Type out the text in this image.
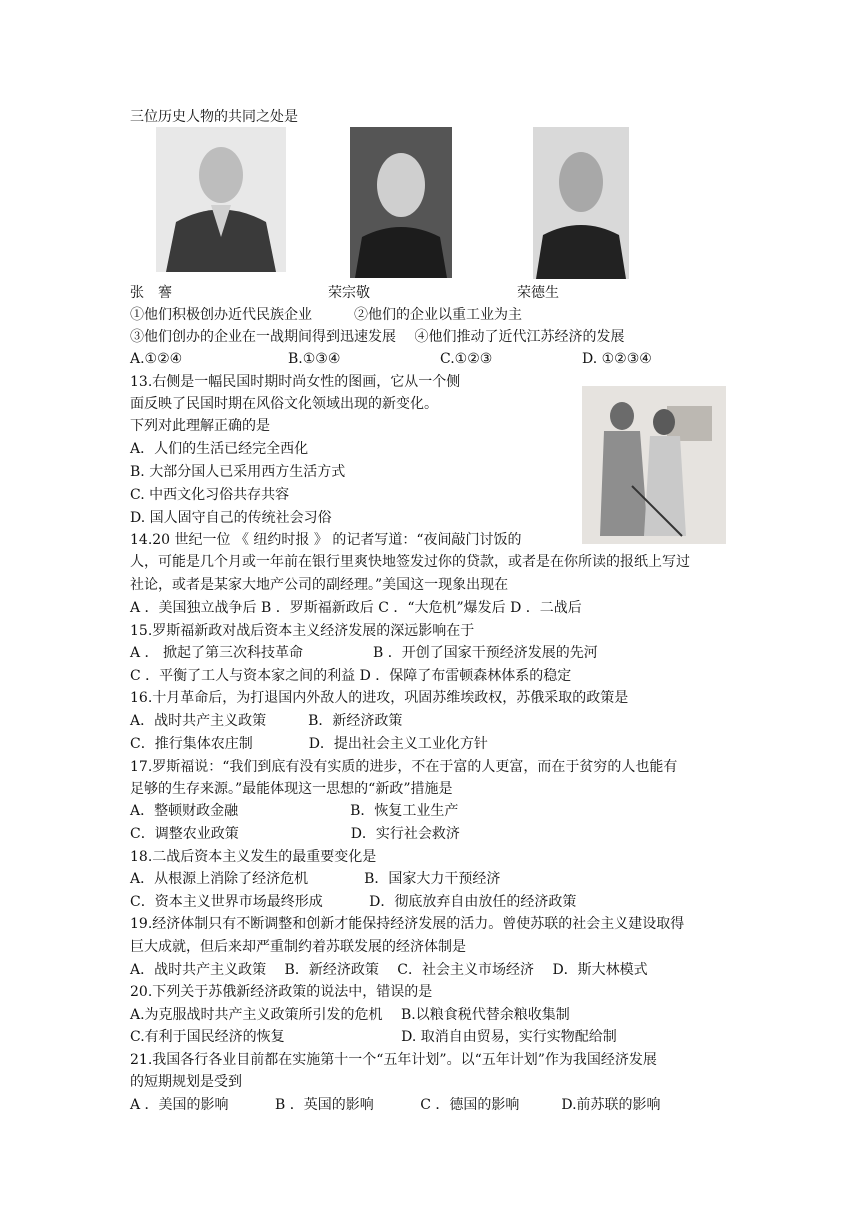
三位历史人物的共同之处是
张　謇	荣宗敬	荣德生
①他们积极创办近代民族企业　　　②他们的企业以重工业为主
③他们创办的企业在一战期间得到迅速发展　 ④他们推动了近代江苏经济的发展
A.①②④	B.①③④	C.①②③	D. ①②③④
13.右侧是一幅民国时期时尚女性的图画，它从一个侧
面反映了民国时期在风俗文化领域出现的新变化。
下列对此理解正确的是
A．人们的生活已经完全西化
B. 大部分国人已采用西方生活方式
C. 中西文化习俗共存共容
D. 国人固守自己的传统社会习俗
14.20 世纪一位 《 纽约时报 》 的记者写道：“夜间敲门讨饭的
人，可能是几个月或一年前在银行里爽快地签发过你的贷款，或者是在你所读的报纸上写过
社论，或者是某家大地产公司的副经理。”美国这一现象出现在
A ．美国独立战争后 B ．罗斯福新政后 C ．“大危机”爆发后 D ．二战后
15.罗斯福新政对战后资本主义经济发展的深远影响在于
A ． 掀起了第三次科技革命　　　　　B ．开创了国家干预经济发展的先河
C ．平衡了工人与资本家之间的利益 D ．保障了布雷顿森林体系的稳定
16.十月革命后，为打退国内外敌人的进攻，巩固苏维埃政权，苏俄采取的政策是
A．战时共产主义政策　　　B．新经济政策
C．推行集体农庄制　　　　D．提出社会主义工业化方针
17.罗斯福说：“我们到底有没有实质的进步，不在于富的人更富，而在于贫穷的人也能有
足够的生存来源。”最能体现这一思想的“新政”措施是
A．整顿财政金融　　　　　　　　B．恢复工业生产
C．调整农业政策　　　　　　　　D．实行社会救济
18.二战后资本主义发生的最重要变化是
A．从根源上消除了经济危机　　　　B．国家大力干预经济
C．资本主义世界市场最终形成　　　 D．彻底放弃自由放任的经济政策
19.经济体制只有不断调整和创新才能保持经济发展的活力。曾使苏联的社会主义建设取得
巨大成就，但后来却严重制约着苏联发展的经济体制是
A．战时共产主义政策　 B．新经济政策　 C．社会主义市场经济　 D．斯大林模式
20.下列关于苏俄新经济政策的说法中，错误的是
A.为克服战时共产主义政策所引发的危机　 B.以粮食税代替余粮收集制
C.有利于国民经济的恢复　　　　　　　　 D. 取消自由贸易，实行实物配给制
21.我国各行各业目前都在实施第十一个“五年计划”。以“五年计划”作为我国经济发展
的短期规划是受到
A ．美国的影响　　　 B ．英国的影响　　　 C ．德国的影响　　　D.前苏联的影响
